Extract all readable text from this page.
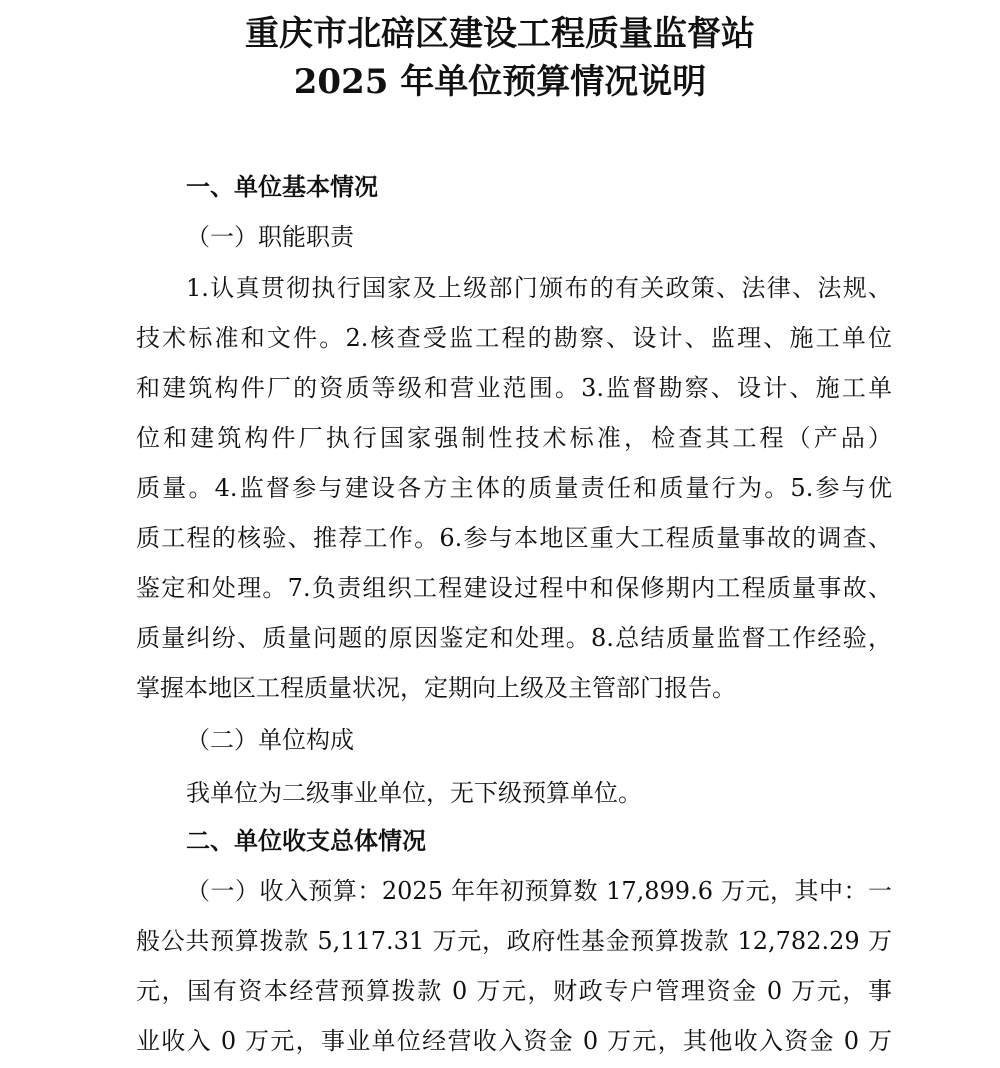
重庆市北碚区建设工程质量监督站
2025 年单位预算情况说明
一、单位基本情况
（一）职能职责
1.认真贯彻执行国家及上级部门颁布的有关政策、法律、法规、
技术标准和文件。2.核查受监工程的勘察、设计、监理、施工单位
和建筑构件厂的资质等级和营业范围。3.监督勘察、设计、施工单
位和建筑构件厂执行国家强制性技术标准，检查其工程（产品）
质量。4.监督参与建设各方主体的质量责任和质量行为。5.参与优
质工程的核验、推荐工作。6.参与本地区重大工程质量事故的调查、
鉴定和处理。7.负责组织工程建设过程中和保修期内工程质量事故、
质量纠纷、质量问题的原因鉴定和处理。8.总结质量监督工作经验，
掌握本地区工程质量状况，定期向上级及主管部门报告。
（二）单位构成
我单位为二级事业单位，无下级预算单位。
二、单位收支总体情况
（一）收入预算：2025 年年初预算数 17,899.6 万元，其中：一
般公共预算拨款 5,117.31 万元，政府性基金预算拨款 12,782.29 万
元，国有资本经营预算拨款 0 万元，财政专户管理资金 0 万元，事
业收入 0 万元，事业单位经营收入资金 0 万元，其他收入资金 0 万
